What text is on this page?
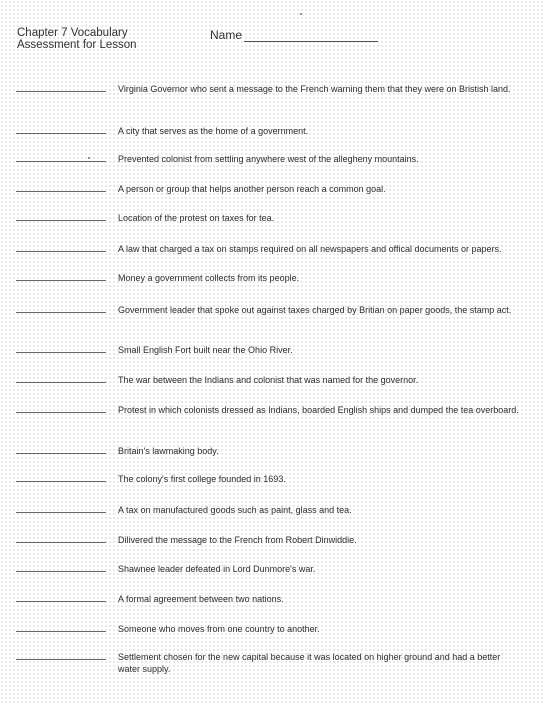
Chapter 7 Vocabulary
Assessment for Lesson
Name
Virginia Governor who sent a message to the French warning them that they were on Bristish land.
A city that serves as the home of a government.
Prevented colonist from settling anywhere west of the allegheny mountains.
A person or group that helps another person reach a common goal.
Location of the protest on taxes for tea.
A law that charged a tax on stamps required on all newspapers and offical documents or papers.
Money a government collects from its people.
Government leader that spoke out against taxes charged by Britian on paper goods, the stamp act.
Small English Fort built near the Ohio River.
The war between the Indians and colonist that was named for the governor.
Protest in which colonists dressed as Indians, boarded English ships and dumped the tea overboard.
Britain's lawmaking body.
The colony's first college founded in 1693.
A tax on manufactured goods such as paint, glass and tea.
Dilivered the message to the French from Robert Dinwiddie.
Shawnee leader defeated in Lord Dunmore's war.
A formal agreement between two nations.
Someone who moves from one country to another.
Settlement chosen for the new capital because it was located on higher ground and had a better water supply.
